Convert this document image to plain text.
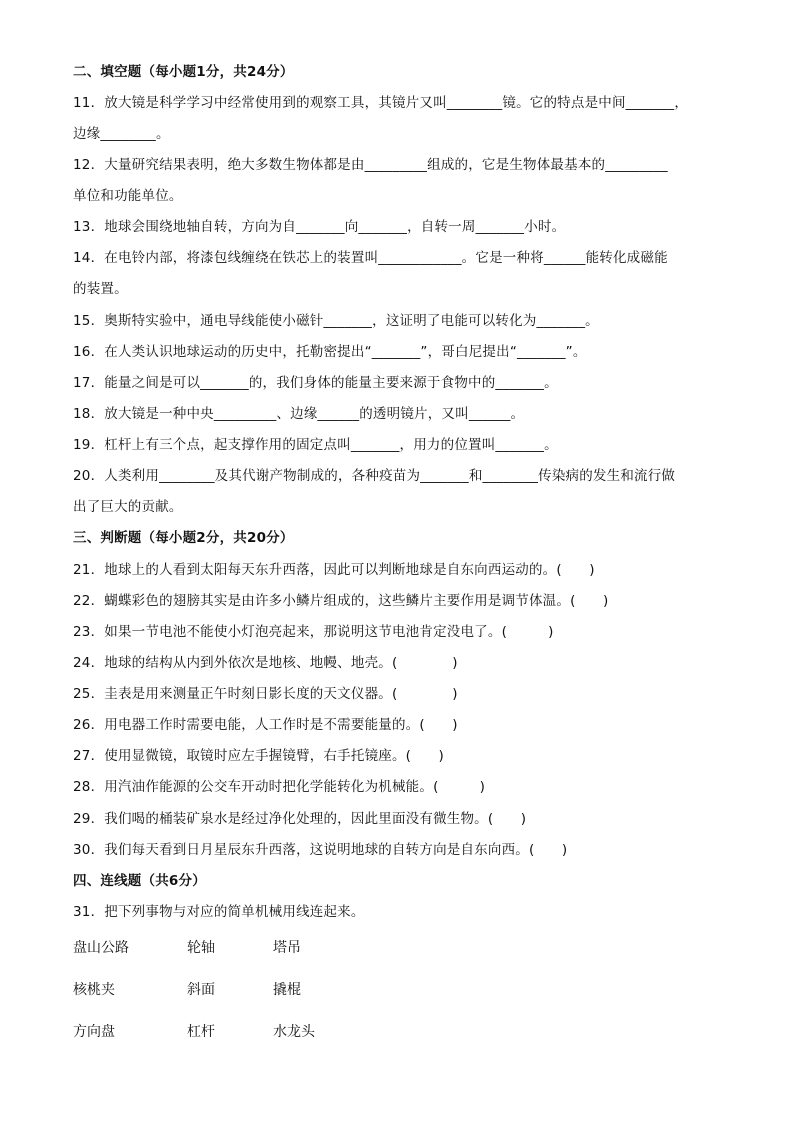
二、填空题（每小题1分，共24分）
11．放大镜是科学学习中经常使用到的观察工具，其镜片又叫________镜。它的特点是中间_______，
边缘________。
12．大量研究结果表明，绝大多数生物体都是由_________组成的，它是生物体最基本的_________
单位和功能单位。
13．地球会围绕地轴自转，方向为自_______向_______，自转一周_______小时。
14．在电铃内部，将漆包线缠绕在铁芯上的装置叫____________。它是一种将______能转化成磁能
的装置。
15．奥斯特实验中，通电导线能使小磁针_______，这证明了电能可以转化为_______。
16．在人类认识地球运动的历史中，托勒密提出“_______”，哥白尼提出“_______”。
17．能量之间是可以_______的，我们身体的能量主要来源于食物中的_______。
18．放大镜是一种中央_________、边缘______的透明镜片，又叫______。
19．杠杆上有三个点，起支撑作用的固定点叫_______，用力的位置叫_______。
20．人类利用________及其代谢产物制成的，各种疫苗为_______和________传染病的发生和流行做
出了巨大的贡献。
三、判断题（每小题2分，共20分）
21．地球上的人看到太阳每天东升西落，因此可以判断地球是自东向西运动的。(　　)
22．蝴蝶彩色的翅膀其实是由许多小鳞片组成的，这些鳞片主要作用是调节体温。(　　)
23．如果一节电池不能使小灯泡亮起来，那说明这节电池肯定没电了。(　　　)
24．地球的结构从内到外依次是地核、地幔、地壳。(　　　　)
25．圭表是用来测量正午时刻日影长度的天文仪器。(　　　　)
26．用电器工作时需要电能，人工作时是不需要能量的。(　　)
27．使用显微镜，取镜时应左手握镜臂，右手托镜座。(　　)
28．用汽油作能源的公交车开动时把化学能转化为机械能。(　　　)
29．我们喝的桶装矿泉水是经过净化处理的，因此里面没有微生物。(　　)
30．我们每天看到日月星辰东升西落，这说明地球的自转方向是自东向西。(　　)
四、连线题（共6分）
31．把下列事物与对应的简单机械用线连起来。
盘山公路	轮轴	塔吊
核桃夹	斜面	撬棍
方向盘	杠杆	水龙头
